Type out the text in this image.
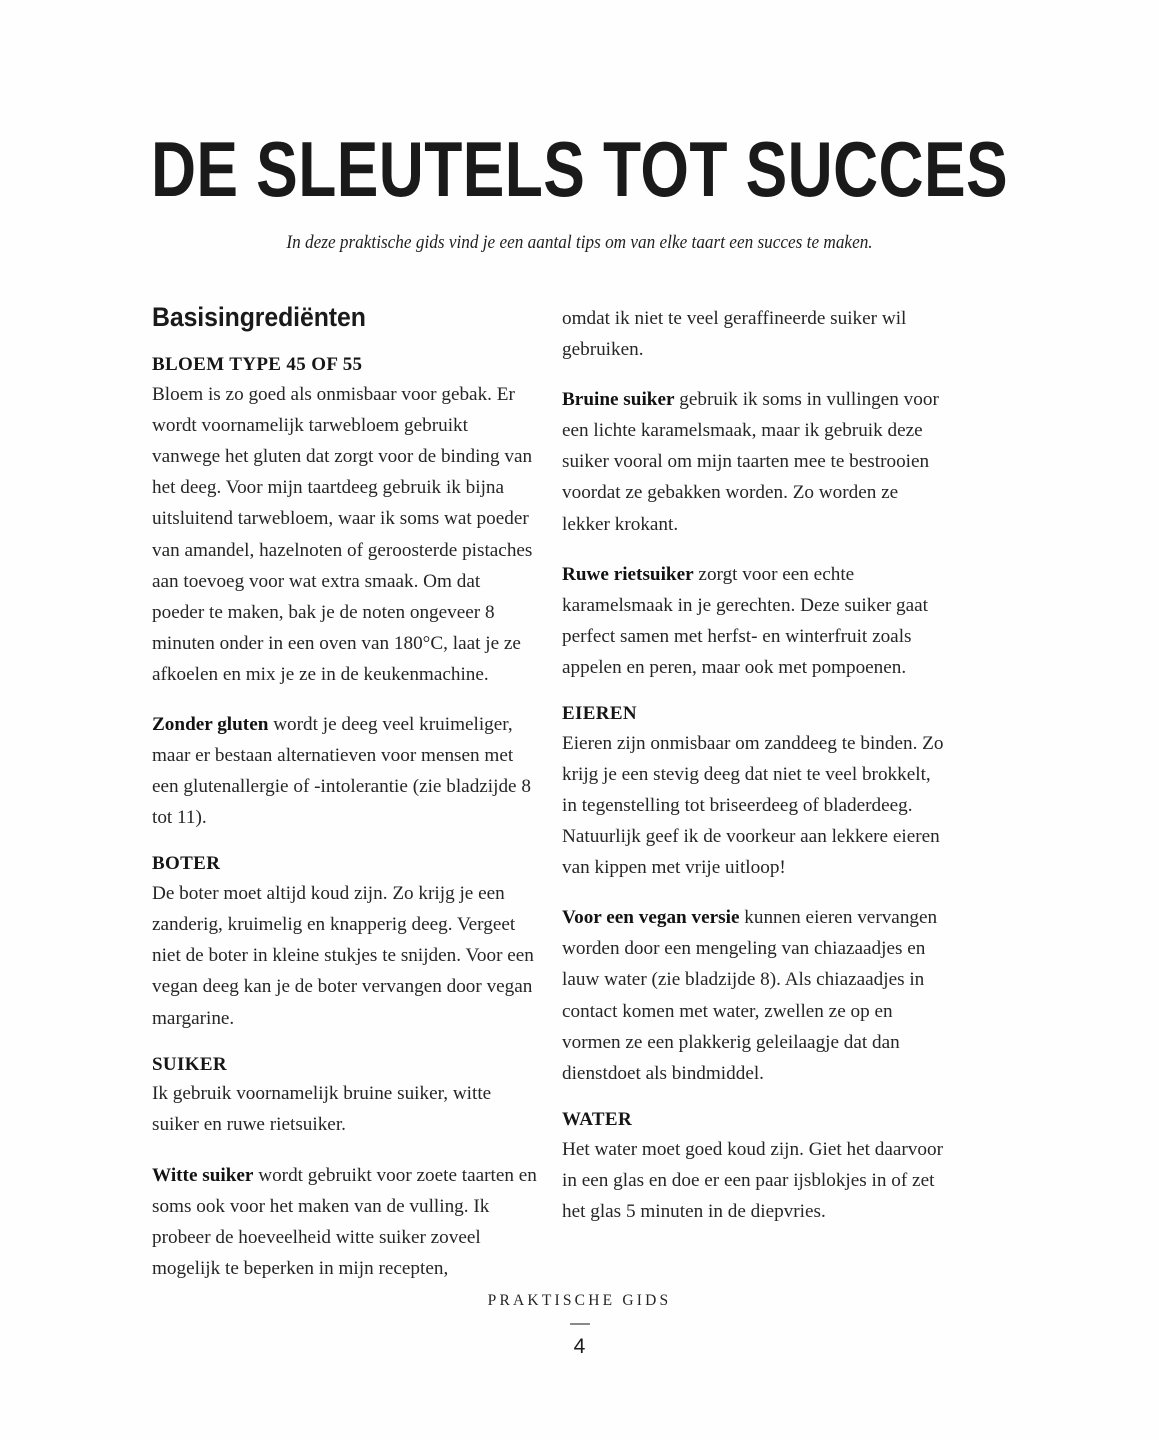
DE SLEUTELS TOT SUCCES

In deze praktische gids vind je een aantal tips om van elke taart een succes te maken.

Basisingrediënten
BLOEM TYPE 45 OF 55

Bloem is zo goed als onmisbaar voor gebak. Er wordt voornamelijk tarwebloem gebruikt vanwege het gluten dat zorgt voor de binding van het deeg. Voor mijn taartdeeg gebruik ik bijna uitsluitend tarwebloem, waar ik soms wat poeder van amandel, hazelnoten of geroosterde pistaches aan toevoeg voor wat extra smaak. Om dat poeder te maken, bak je de noten ongeveer 8 minuten onder in een oven van 180°C, laat je ze afkoelen en mix je ze in de keukenmachine.

Zonder gluten wordt je deeg veel kruimeliger, maar er bestaan alternatieven voor mensen met een glutenallergie of -intolerantie (zie bladzijde 8 tot 11).

BOTER

De boter moet altijd koud zijn. Zo krijg je een zanderig, kruimelig en knapperig deeg. Vergeet niet de boter in kleine stukjes te snijden. Voor een vegan deeg kan je de boter vervangen door vegan margarine.

SUIKER

Ik gebruik voornamelijk bruine suiker, witte suiker en ruwe rietsuiker.

Witte suiker wordt gebruikt voor zoete taarten en soms ook voor het maken van de vulling. Ik probeer de hoeveelheid witte suiker zoveel mogelijk te beperken in mijn recepten,

omdat ik niet te veel geraffineerde suiker wil gebruiken.

Bruine suiker gebruik ik soms in vullingen voor een lichte karamelsmaak, maar ik gebruik deze suiker vooral om mijn taarten mee te bestrooien voordat ze gebakken worden. Zo worden ze lekker krokant.

Ruwe rietsuiker zorgt voor een echte karamelsmaak in je gerechten. Deze suiker gaat perfect samen met herfst- en winterfruit zoals appelen en peren, maar ook met pompoenen.

EIEREN

Eieren zijn onmisbaar om zanddeeg te binden. Zo krijg je een stevig deeg dat niet te veel brokkelt, in tegenstelling tot briseerdeeg of bladerdeeg. Natuurlijk geef ik de voorkeur aan lekkere eieren van kippen met vrije uitloop!

Voor een vegan versie kunnen eieren vervangen worden door een mengeling van chiazaadjes en lauw water (zie bladzijde 8). Als chiazaadjes in contact komen met water, zwellen ze op en vormen ze een plakkerig geleilaagje dat dan dienstdoet als bindmiddel.

WATER

Het water moet goed koud zijn. Giet het daarvoor in een glas en doe er een paar ijsblokjes in of zet het glas 5 minuten in de diepvries.

PRAKTISCHE GIDS

4
